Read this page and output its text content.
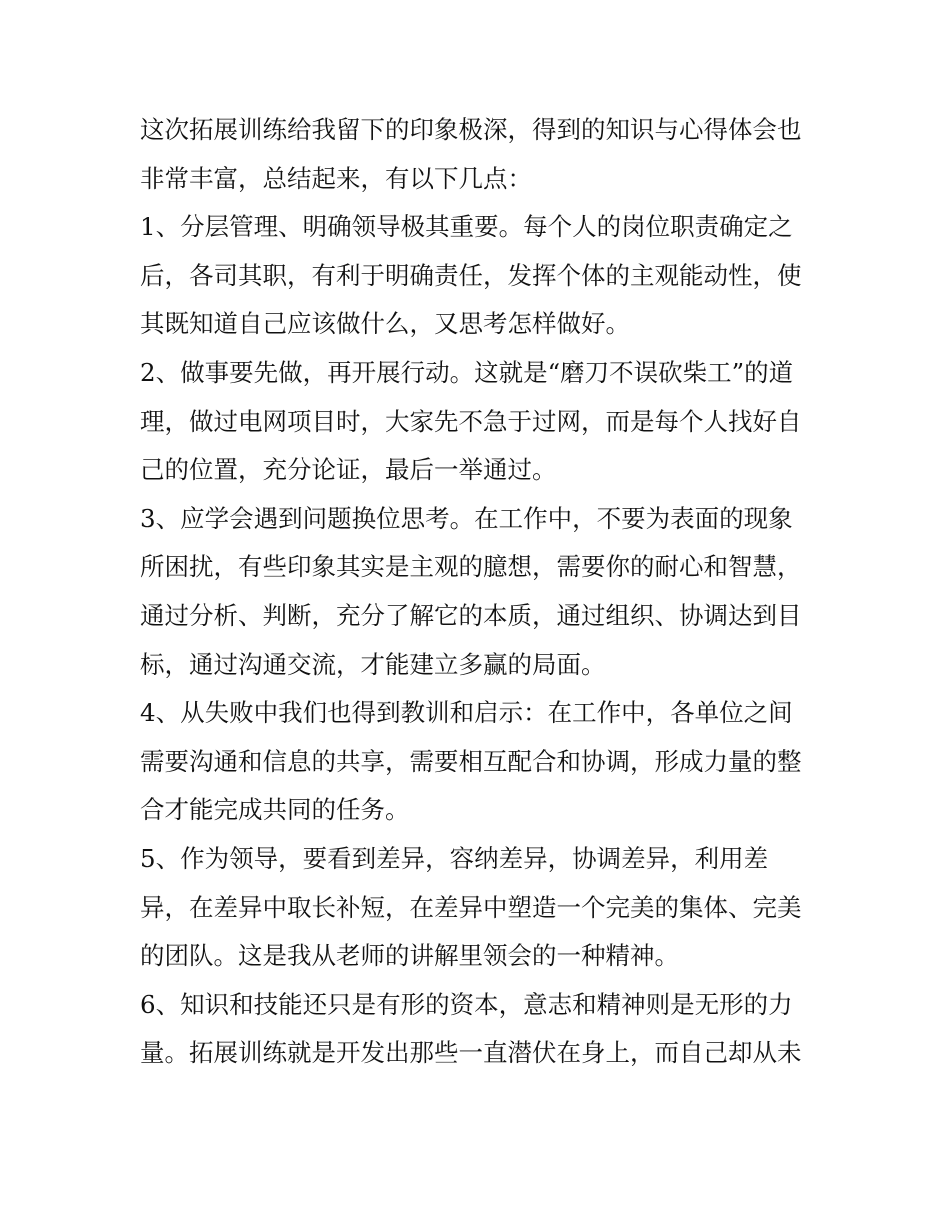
这次拓展训练给我留下的印象极深，得到的知识与心得体会也
非常丰富，总结起来，有以下几点：
1、分层管理、明确领导极其重要。每个人的岗位职责确定之
后，各司其职，有利于明确责任，发挥个体的主观能动性，使
其既知道自己应该做什么，又思考怎样做好。
2、做事要先做，再开展行动。这就是“磨刀不误砍柴工”的道
理，做过电网项目时，大家先不急于过网，而是每个人找好自
己的位置，充分论证，最后一举通过。
3、应学会遇到问题换位思考。在工作中，不要为表面的现象
所困扰，有些印象其实是主观的臆想，需要你的耐心和智慧，
通过分析、判断，充分了解它的本质，通过组织、协调达到目
标，通过沟通交流，才能建立多赢的局面。
4、从失败中我们也得到教训和启示：在工作中，各单位之间
需要沟通和信息的共享，需要相互配合和协调，形成力量的整
合才能完成共同的任务。
5、作为领导，要看到差异，容纳差异，协调差异，利用差
异，在差异中取长补短，在差异中塑造一个完美的集体、完美
的团队。这是我从老师的讲解里领会的一种精神。
6、知识和技能还只是有形的资本，意志和精神则是无形的力
量。拓展训练就是开发出那些一直潜伏在身上，而自己却从未
